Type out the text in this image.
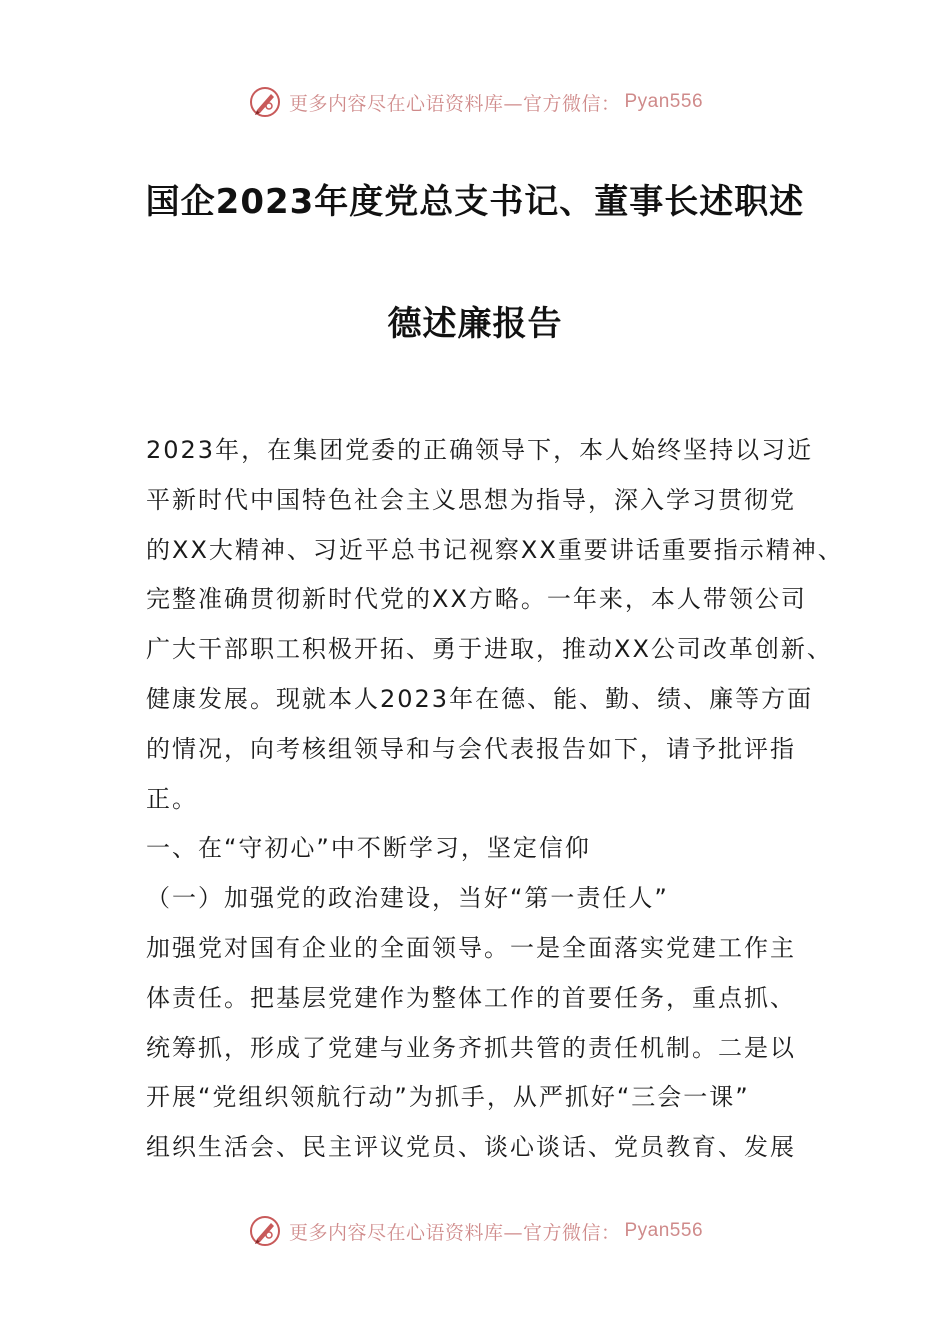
更多内容尽在心语资料库—官方微信： Pyan556
国企2023年度党总支书记、董事长述职述
德述廉报告
2023年，在集团党委的正确领导下，本人始终坚持以习近
平新时代中国特色社会主义思想为指导，深入学习贯彻党
的XX大精神、习近平总书记视察XX重要讲话重要指示精神、
完整准确贯彻新时代党的XX方略。一年来，本人带领公司
广大干部职工积极开拓、勇于进取，推动XX公司改革创新、
健康发展。现就本人2023年在德、能、勤、绩、廉等方面
的情况，向考核组领导和与会代表报告如下，请予批评指
正。
一、在“守初心”中不断学习，坚定信仰
（一）加强党的政治建设，当好“第一责任人”
加强党对国有企业的全面领导。一是全面落实党建工作主
体责任。把基层党建作为整体工作的首要任务，重点抓、
统筹抓，形成了党建与业务齐抓共管的责任机制。二是以
开展“党组织领航行动”为抓手，从严抓好“三会一课”
组织生活会、民主评议党员、谈心谈话、党员教育、发展
更多内容尽在心语资料库—官方微信： Pyan556
